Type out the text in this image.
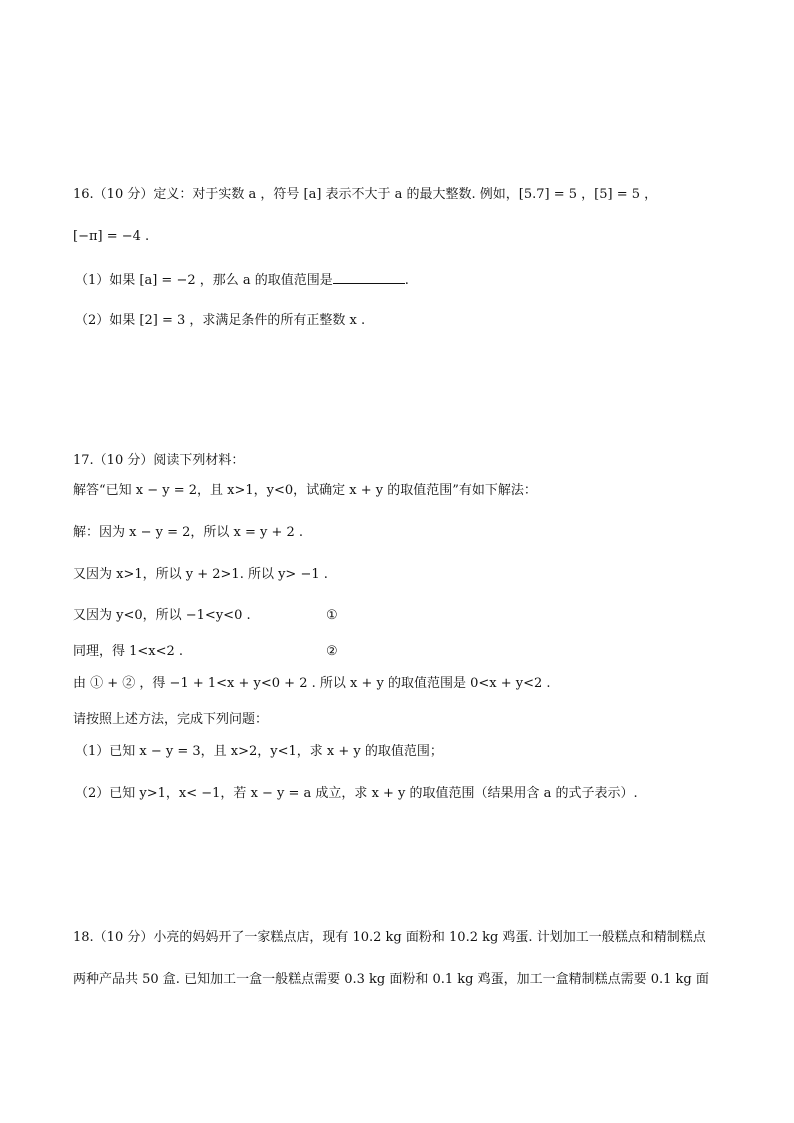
16.（10 分）定义：对于实数 a ，符号 [a] 表示不大于 a 的最大整数. 例如，[5.7] = 5 ，[5] = 5 ，
[−π] = −4 .
（1）如果 [a] = −2 ，那么 a 的取值范围是	.
（2）如果 [2] = 3 ，求满足条件的所有正整数 x .
17.（10 分）阅读下列材料：
解答“已知 x − y = 2，且 x>1，y<0，试确定 x + y 的取值范围”有如下解法：
解：因为 x − y = 2，所以 x = y + 2 .
又因为 x>1，所以 y + 2>1. 所以 y> −1 .
又因为 y<0，所以 −1<y<0 .	①
同理，得 1<x<2 .	②
由 ① + ② ，得 −1 + 1<x + y<0 + 2 . 所以 x + y 的取值范围是 0<x + y<2 .
请按照上述方法，完成下列问题：
（1）已知 x − y = 3，且 x>2，y<1，求 x + y 的取值范围；
（2）已知 y>1，x< −1，若 x − y = a 成立，求 x + y 的取值范围（结果用含 a 的式子表示）.
18.（10 分）小亮的妈妈开了一家糕点店，现有 10.2 kg 面粉和 10.2 kg 鸡蛋. 计划加工一般糕点和精制糕点
两种产品共 50 盒. 已知加工一盒一般糕点需要 0.3 kg 面粉和 0.1 kg 鸡蛋，加工一盒精制糕点需要 0.1 kg 面
